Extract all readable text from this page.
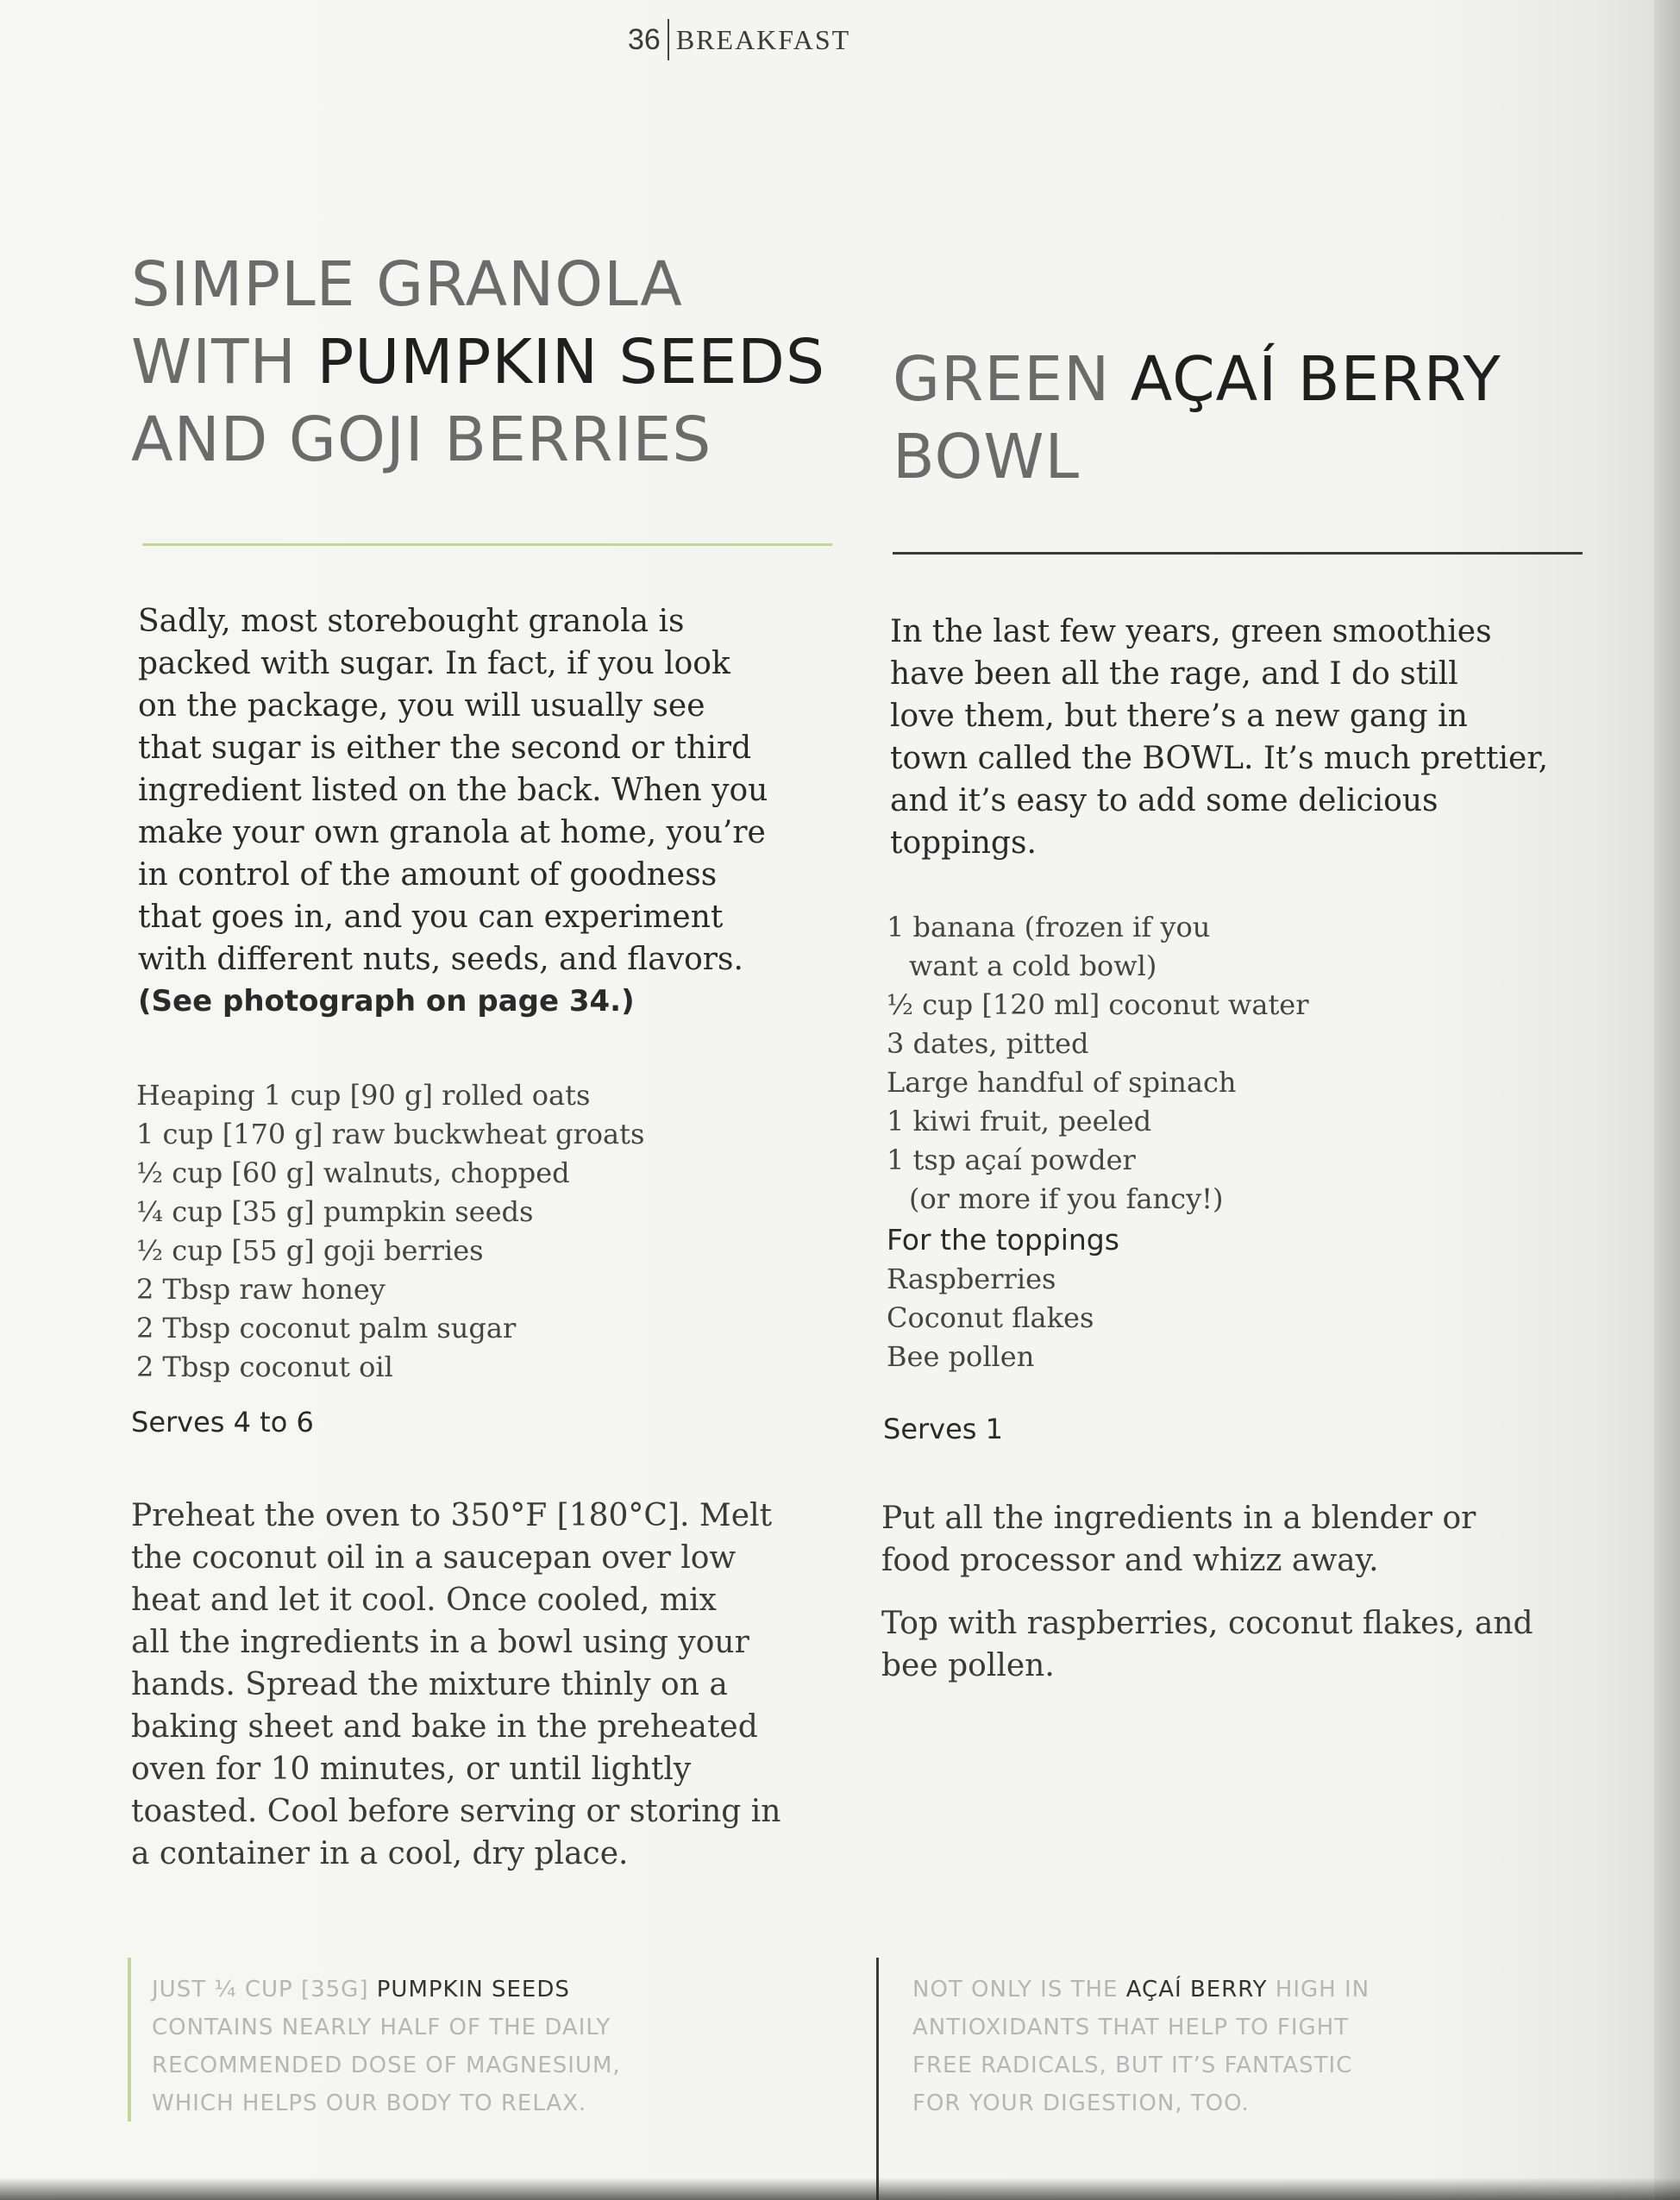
36 BREAKFAST
SIMPLE GRANOLA
WITH PUMPKIN SEEDS
AND GOJI BERRIES
Sadly, most storebought granola is
packed with sugar. In fact, if you look
on the package, you will usually see
that sugar is either the second or third
ingredient listed on the back. When you
make your own granola at home, you’re
in control of the amount of goodness
that goes in, and you can experiment
with different nuts, seeds, and flavors.
(See photograph on page 34.)
Heaping 1 cup [90 g] rolled oats
1 cup [170 g] raw buckwheat groats
½ cup [60 g] walnuts, chopped
¼ cup [35 g] pumpkin seeds
½ cup [55 g] goji berries
2 Tbsp raw honey
2 Tbsp coconut palm sugar
2 Tbsp coconut oil
Serves 4 to 6
Preheat the oven to 350°F [180°C]. Melt
the coconut oil in a saucepan over low
heat and let it cool. Once cooled, mix
all the ingredients in a bowl using your
hands. Spread the mixture thinly on a
baking sheet and bake in the preheated
oven for 10 minutes, or until lightly
toasted. Cool before serving or storing in
a container in a cool, dry place.
GREEN AÇAÍ BERRY
BOWL
In the last few years, green smoothies
have been all the rage, and I do still
love them, but there’s a new gang in
town called the BOWL. It’s much prettier,
and it’s easy to add some delicious
toppings.
1 banana (frozen if you
want a cold bowl)
½ cup [120 ml] coconut water
3 dates, pitted
Large handful of spinach
1 kiwi fruit, peeled
1 tsp açaí powder
(or more if you fancy!)
For the toppings
Raspberries
Coconut flakes
Bee pollen
Serves 1

Put all the ingredients in a blender or
food processor and whizz away.

Top with raspberries, coconut flakes, and
bee pollen.

JUST ¼ CUP [35G] PUMPKIN SEEDS
CONTAINS NEARLY HALF OF THE DAILY
RECOMMENDED DOSE OF MAGNESIUM,
WHICH HELPS OUR BODY TO RELAX.
NOT ONLY IS THE AÇAÍ BERRY HIGH IN
ANTIOXIDANTS THAT HELP TO FIGHT
FREE RADICALS, BUT IT’S FANTASTIC
FOR YOUR DIGESTION, TOO.
